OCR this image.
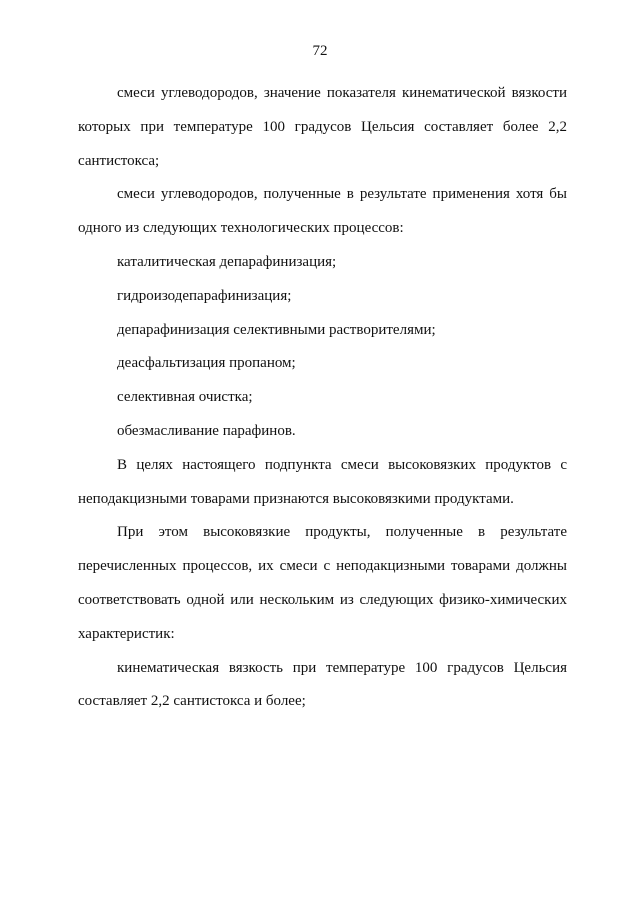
72

смеси углеводородов, значение показателя кинематической вязкости которых при температуре 100 градусов Цельсия составляет более 2,2 сантистокса;

смеси углеводородов, полученные в результате применения хотя бы одного из следующих технологических процессов:

каталитическая депарафинизация;

гидроизодепарафинизация;

депарафинизация селективными растворителями;

деасфальтизация пропаном;

селективная очистка;

обезмасливание парафинов.

В целях настоящего подпункта смеси высоковязких продуктов с неподакцизными товарами признаются высоковязкими продуктами.

При этом высоковязкие продукты, полученные в результате перечисленных процессов, их смеси с неподакцизными товарами должны соответствовать одной или нескольким из следующих физико-химических характеристик:

кинематическая вязкость при температуре 100 градусов Цельсия составляет 2,2 сантистокса и более;
